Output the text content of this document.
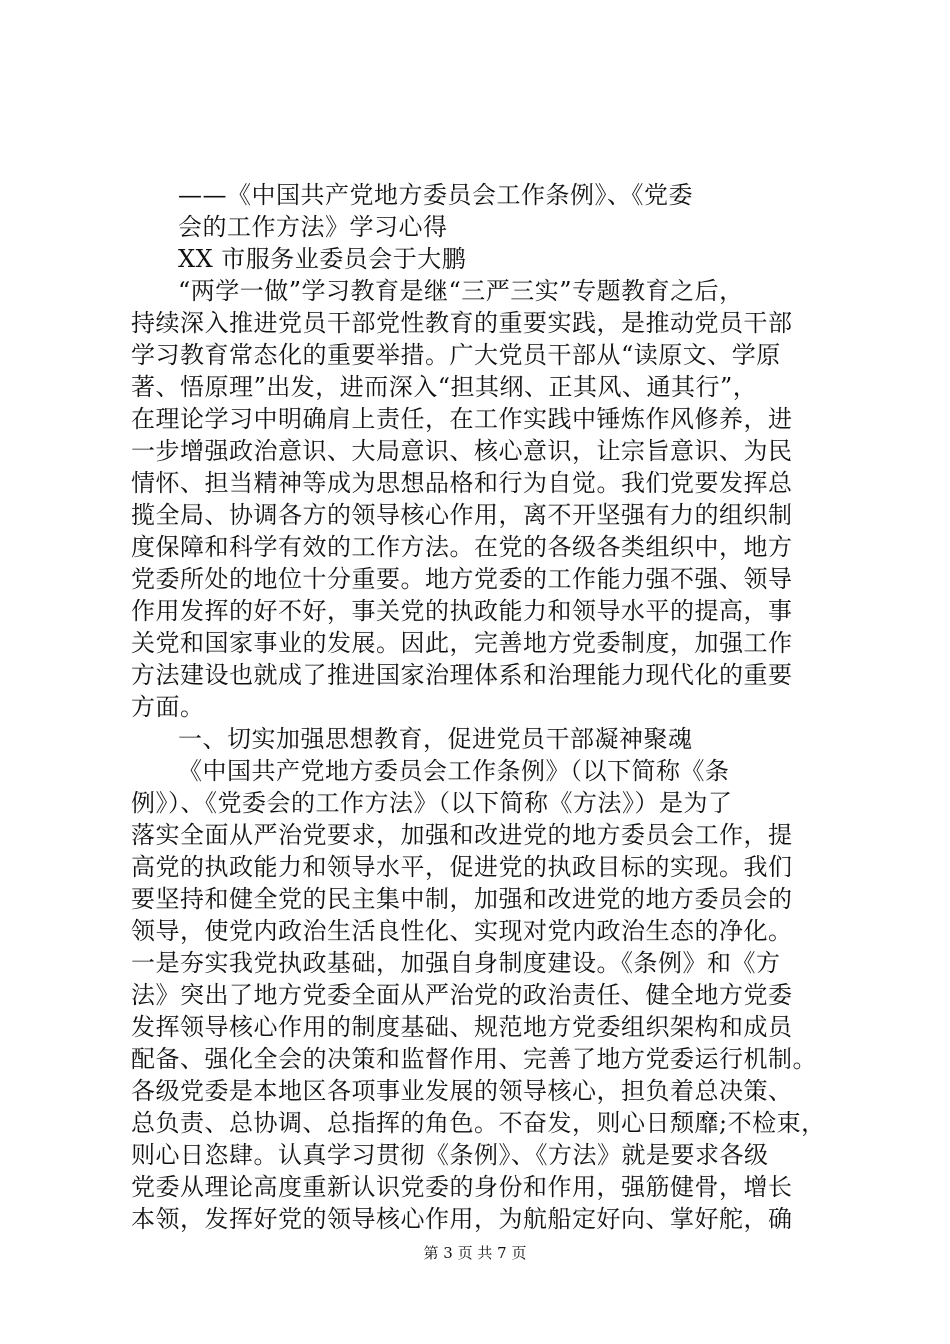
——《中国共产党地方委员会工作条例》、《党委
会的工作方法》学习心得
XX 市服务业委员会于大鹏
“两学一做”学习教育是继“三严三实”专题教育之后，
持续深入推进党员干部党性教育的重要实践，是推动党员干部
学习教育常态化的重要举措。广大党员干部从“读原文、学原
著、悟原理”出发，进而深入“担其纲、正其风、通其行”，
在理论学习中明确肩上责任，在工作实践中锤炼作风修养，进
一步增强政治意识、大局意识、核心意识，让宗旨意识、为民
情怀、担当精神等成为思想品格和行为自觉。我们党要发挥总
揽全局、协调各方的领导核心作用，离不开坚强有力的组织制
度保障和科学有效的工作方法。在党的各级各类组织中，地方
党委所处的地位十分重要。地方党委的工作能力强不强、领导
作用发挥的好不好，事关党的执政能力和领导水平的提高，事
关党和国家事业的发展。因此，完善地方党委制度，加强工作
方法建设也就成了推进国家治理体系和治理能力现代化的重要
方面。
一、切实加强思想教育，促进党员干部凝神聚魂
《中国共产党地方委员会工作条例》（以下简称《条
例》）、《党委会的工作方法》（以下简称《方法》）是为了
落实全面从严治党要求，加强和改进党的地方委员会工作，提
高党的执政能力和领导水平，促进党的执政目标的实现。我们
要坚持和健全党的民主集中制，加强和改进党的地方委员会的
领导，使党内政治生活良性化、实现对党内政治生态的净化。
一是夯实我党执政基础，加强自身制度建设。《条例》和《方
法》突出了地方党委全面从严治党的政治责任、健全地方党委
发挥领导核心作用的制度基础、规范地方党委组织架构和成员
配备、强化全会的决策和监督作用、完善了地方党委运行机制。
各级党委是本地区各项事业发展的领导核心，担负着总决策、
总负责、总协调、总指挥的角色。不奋发，则心日颓靡;不检束，
则心日恣肆。认真学习贯彻《条例》、《方法》就是要求各级
党委从理论高度重新认识党委的身份和作用，强筋健骨，增长
本领，发挥好党的领导核心作用，为航船定好向、掌好舵，确
第 3 页 共 7 页
